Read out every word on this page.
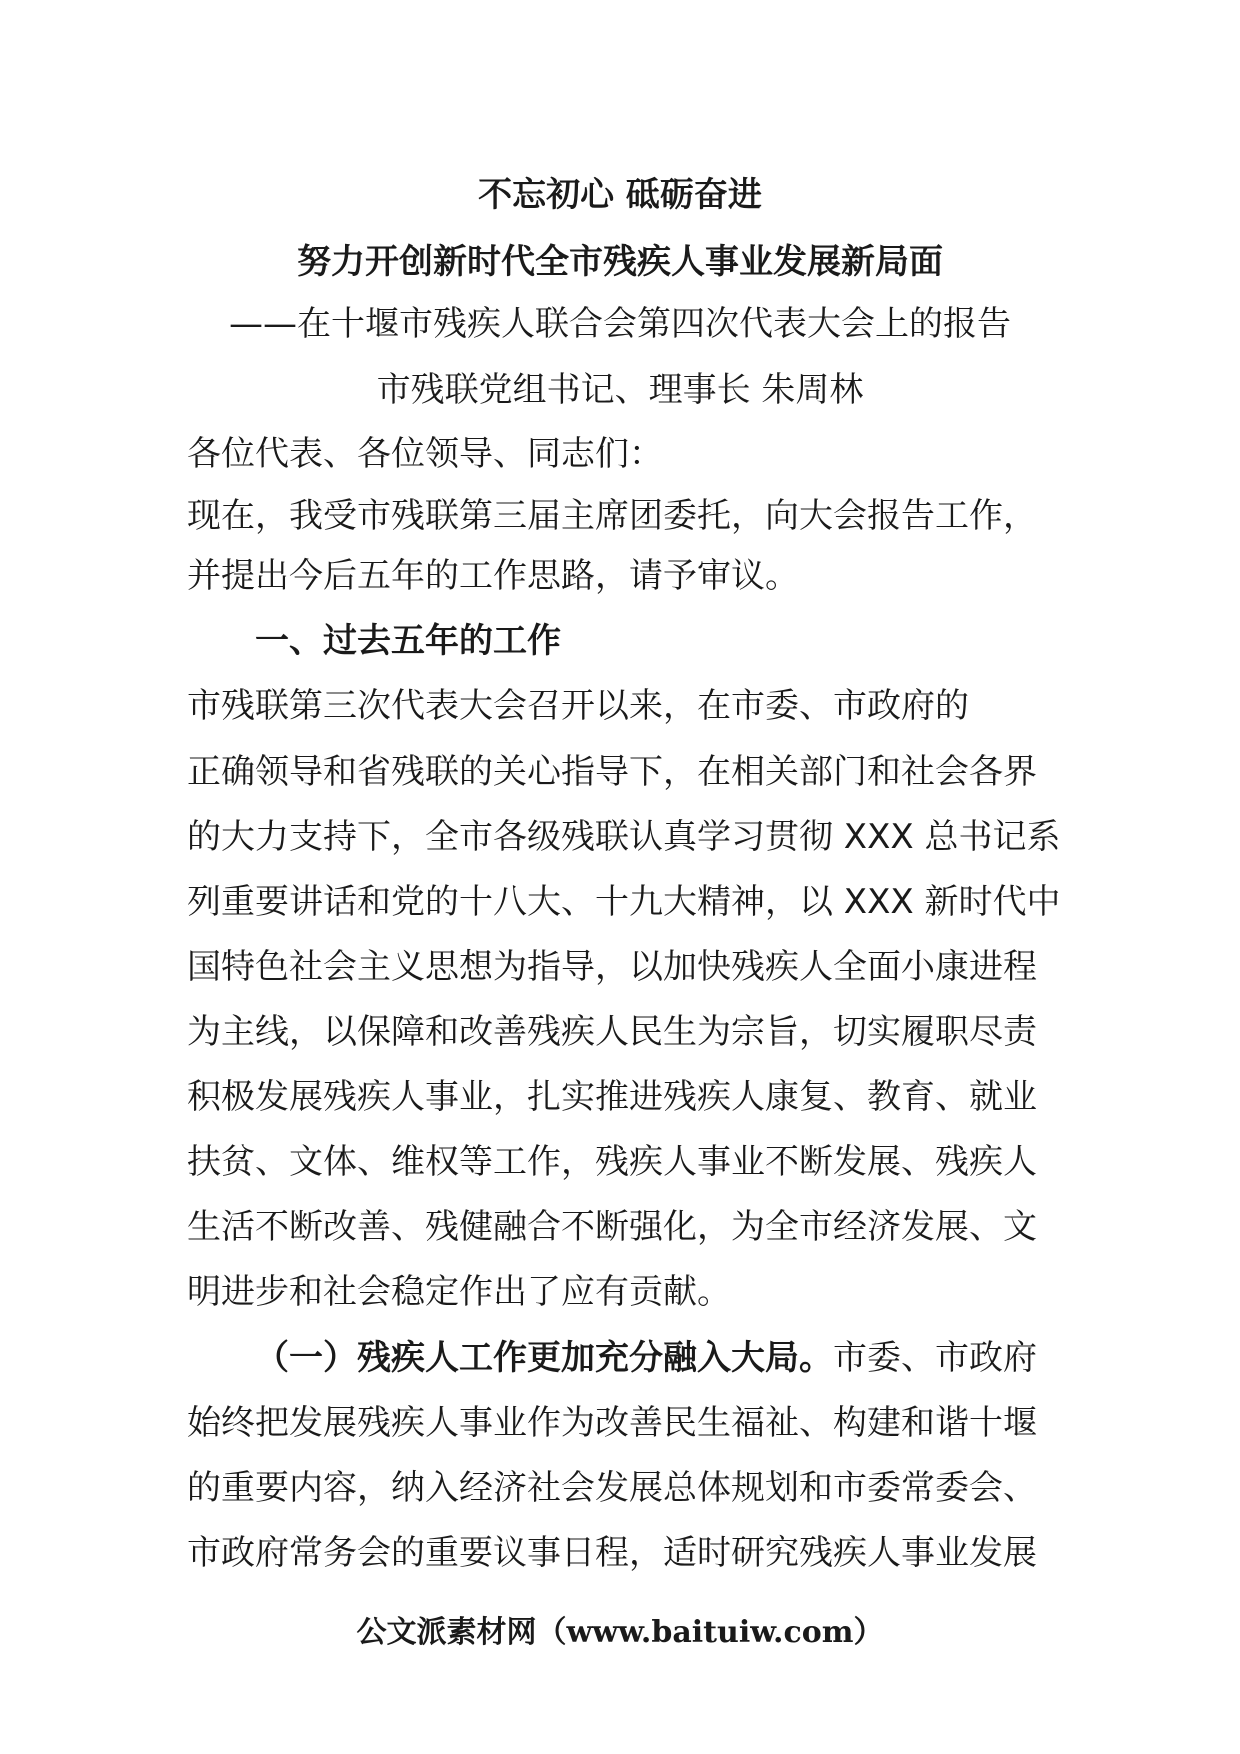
不忘初心 砥砺奋进
努力开创新时代全市残疾人事业发展新局面
——在十堰市残疾人联合会第四次代表大会上的报告
市残联党组书记、理事长 朱周林
各位代表、各位领导、同志们：
现在，我受市残联第三届主席团委托，向大会报告工作，
并提出今后五年的工作思路，请予审议。
一、过去五年的工作
市残联第三次代表大会召开以来，在市委、市政府的
正确领导和省残联的关心指导下，在相关部门和社会各界
的大力支持下，全市各级残联认真学习贯彻 XXX 总书记系
列重要讲话和党的十八大、十九大精神，以 XXX 新时代中
国特色社会主义思想为指导，以加快残疾人全面小康进程
为主线，以保障和改善残疾人民生为宗旨，切实履职尽责
积极发展残疾人事业，扎实推进残疾人康复、教育、就业
扶贫、文体、维权等工作，残疾人事业不断发展、残疾人
生活不断改善、残健融合不断强化，为全市经济发展、文
明进步和社会稳定作出了应有贡献。
（一）残疾人工作更加充分融入大局。市委、市政府
始终把发展残疾人事业作为改善民生福祉、构建和谐十堰
的重要内容，纳入经济社会发展总体规划和市委常委会、
市政府常务会的重要议事日程，适时研究残疾人事业发展
公文派素材网（www.baituiw.com）
